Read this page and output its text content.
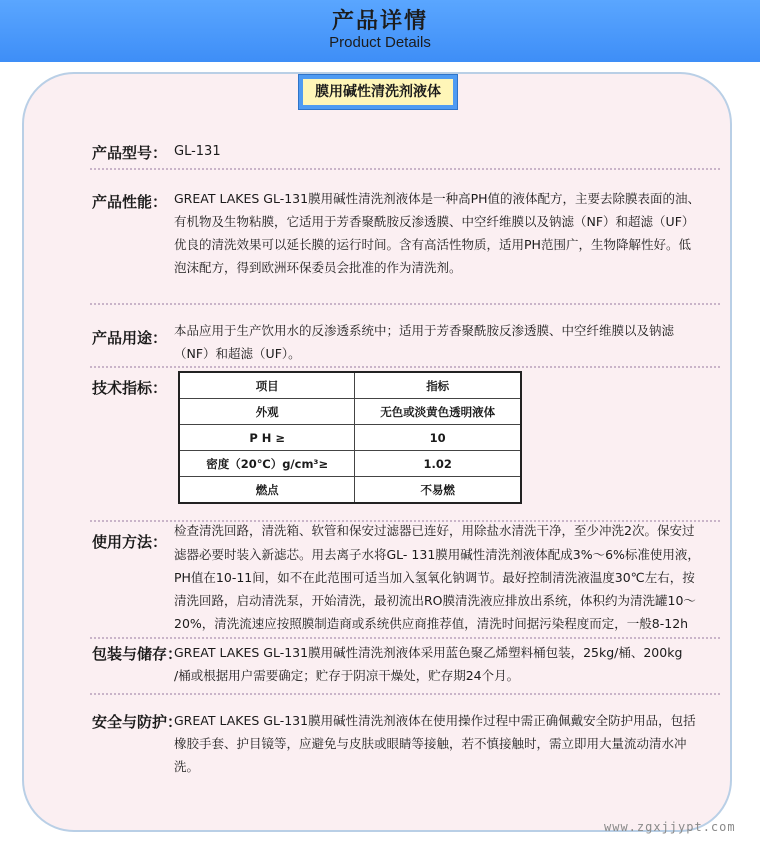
产品详情
Product Details
膜用碱性清洗剂液体
产品型号： GL-131
产品性能： GREAT LAKES GL-131膜用碱性清洗剂液体是一种高PH值的液体配方，主要去除膜表面的油、
有机物及生物粘膜，它适用于芳香聚酰胺反渗透膜、中空纤维膜以及钠滤（NF）和超滤（UF）
优良的清洗效果可以延长膜的运行时间。含有高活性物质，适用PH范围广，生物降解性好。低
泡沫配方，得到欧洲环保委员会批准的作为清洗剂。
产品用途： 本品应用于生产饮用水的反渗透系统中；适用于芳香聚酰胺反渗透膜、中空纤维膜以及钠滤
（NF）和超滤（UF）。
技术指标：	项目	指标
外观	无色或淡黄色透明液体
P H ≥	10
密度（20℃）g/cm³≥	1.02
燃点	不易燃
使用方法：
检查清洗回路，清洗箱、软管和保安过滤器已连好，用除盐水清洗干净，至少冲洗2次。保安过
滤器必要时装入新滤芯。用去离子水将GL- 131膜用碱性清洗剂液体配成3%～6%标准使用液，
PH值在10-11间，如不在此范围可适当加入氢氧化钠调节。最好控制清洗液温度30℃左右，按
清洗回路，启动清洗泵，开始清洗，最初流出RO膜清洗液应排放出系统，体积约为清洗罐10～
20%，清洗流速应按照膜制造商或系统供应商推荐值，清洗时间据污染程度而定，一般8-12h
包装与储存：
GREAT LAKES GL-131膜用碱性清洗剂液体采用蓝色聚乙烯塑料桶包装，25kg/桶、200kg
/桶或根据用户需要确定；贮存于阴凉干燥处，贮存期24个月。
安全与防护：
GREAT LAKES GL-131膜用碱性清洗剂液体在使用操作过程中需正确佩戴安全防护用品，包括
橡胶手套、护目镜等，应避免与皮肤或眼睛等接触，若不慎接触时，需立即用大量流动清水冲
洗。
www.zgxjjypt.com
